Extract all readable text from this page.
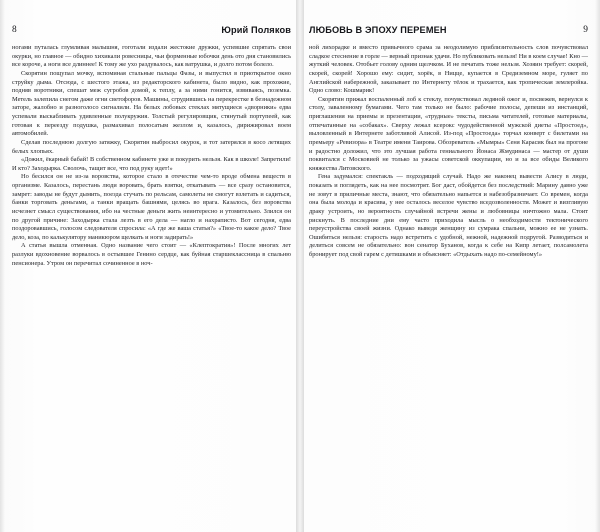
8	Юрий Поляков

ногами путалась глумливая малышня, гоготали издали жестокие дружки, успевшие спрятать свои окурки, но главное — обидно хихикали ровесницы, чьи форменные юбочки день ото дня становились все короче, а ноги все длиннее! К тому же ухо раздувалось, как ватрушка, и долго потом болело.

Скорятин пощупал мочку, вспоминая стальные пальцы Фазы, и выпустил в приоткрытое окно струйку дыма. Отсюда, с шестого этажа, из редакторского кабинета, было видно, как прохожие, подняв воротники, спешат меж сугробов домой, к теплу, а за ними гонится, извиваясь, поземка. Метель залепила снегом даже огни светофоров. Машины, сгрудившись на перекрестке в безнадежном заторе, жалобно и разноголосо сигналили. На белых лобовых стеклах мятущиеся «дворники» едва успевали выскабливать удивленные полукружия. Толстый регулировщик, стянутый портупеей, как готовая к переезду подушка, размахивал полосатым жезлом и, казалось, дирижировал воем автомобилей.

Сделав последнюю долгую затяжку, Скорятин выбросил окурок, и тот затерялся в косо летящих белых хлопьях.

«Дожил, ёкарный бабай! В собственном кабинете уже и покурить нельзя. Как в школе! Запретили! И кто? Заходырка. Сволочь, тащит все, что под руку идет!»

Но бесился он не из-за воровства, которое стало в отечестве чем-то вроде обмена веществ в организме. Казалось, перестань люди воровать, брать взятки, откатывать — все сразу остановится, замрет: заводы не будут дымить, поезда стучать по рельсам, самолеты не смогут взлетать и садиться, банки торговать деньгами, а танки вращать башнями, целясь во врага. Казалось, без воровства исчезнет смысл существования, ибо на честные деньги жить неинтересно и утомительно. Злился он по другой причине: Заходырка стала лезть в его дела — нагло и нахраписто. Вот сегодня, едва поздоровавшись, голосом следователя спросила: «А где же ваша статья?» «Твое-то какое дело? Твое дело, коза, по калькулятору маникюром щелкать и ноги задирать!»

А статья вышла отменная. Одно название чего стоит — «Клептократия»! После многих лет разлуки вдохновение ворвалось в остывшее Генино сердце, как буйная старшеклассница в спальню пенсионера. Утром он перечитал сочиненное в ноч-

ЛЮБОВЬ В ЭПОХУ ПЕРЕМЕН	9

ной лихорадке и вместо привычного срама за неодолимую приблизительность слов почувствовал сладкое стеснение в горле — верный признак удачи. Но публиковать нельзя! Ни в коем случае! Кно — жуткий человек. Отобьет голову одним щелчком. И не печатать тоже нельзя. Хозяин требует: скорей, скорей, скорей! Хорошо ему: сидит, хорёк, в Ницце, купается в Средиземном море, гуляет по Английской набережной, заказывает по Интернету тёлок и трахается, как тропическая землеройка. Одно слово: Кошмарик!

Скорятин прижал воспаленный лоб к стеклу, почувствовал ледяной ожог и, посвежев, вернулся к столу, заваленному бумагами. Чего там только не было: рабочие полосы, депеши из инстанций, приглашения на приемы и презентации, «трудные» тексты, письма читателей, готовые материалы, отпечатанные на «собаках». Сверху лежал ксерокс чудодейственной мужской диеты «Простоед», выловленный в Интернете заботливой Алисой. Из-под «Простоеда» торчал конверт с билетами на премьеру «Ревизора» в Театре имени Таирова. Обозреватель «Мымры» Сеня Карасик был на прогоне и радостно доложил, что это лучшая работа гениального Йонаса Жмудинаса — мастер от души поквитался с Московией не только за ужасы советской оккупации, но и за все обиды Великого княжества Литовского.

Гена задумался: спектакль — подходящий случай. Надо же наконец вывести Алису в люди, показать и поглядеть, как на нее посмотрят. Бог даст, обойдется без последствий: Марину давно уже не зовут в приличные места, знают, что обязательно напьется и набезобразничает. Со времен, когда она была молода и красива, у нее осталось веселое чувство вседозволенности. Может и визгливую драку устроить, но вероятность случайной встречи жены и любовницы ничтожно мала. Стоит рискнуть. В последние дни ему часто приходила мысль о необходимости тектонического переустройства своей жизни. Однако выведя женщину из сумрака спальни, можно ее не узнать. Ошибиться нельзя: старость надо встретить с удобной, нежной, надежной подругой. Разводиться и делиться совсем не обязательно: вон сенатор Буханов, когда к себе на Кипр летает, полсамолета бронирует под свой гарем с детишками и объясняет: «Отдыхать надо по-семейному!»
